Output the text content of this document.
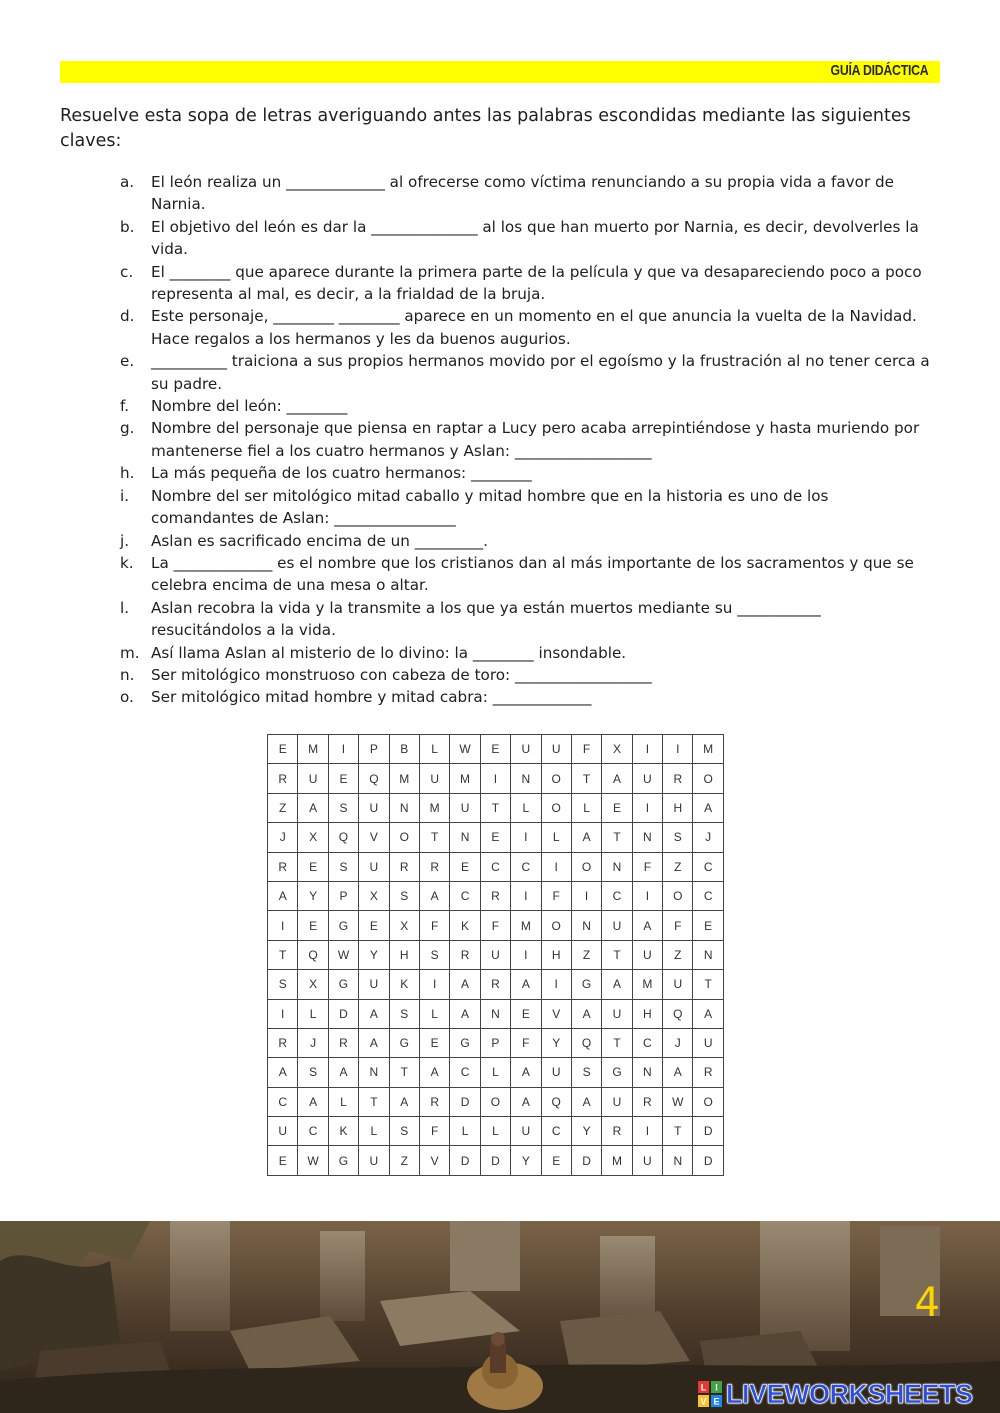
GUÍA DIDÁCTICA

Resuelve esta sopa de letras averiguando antes las palabras escondidas mediante las siguientes claves:

a. El león realiza un _____________ al ofrecerse como víctima renunciando a su propia vida a favor de Narnia.
b. El objetivo del león es dar la ______________ al los que han muerto por Narnia, es decir, devolverles la vida.
c. El ________ que aparece durante la primera parte de la película y que va desapareciendo poco a poco representa al mal, es decir, a la frialdad de la bruja.
d. Este personaje, ________ ________ aparece en un momento en el que anuncia la vuelta de la Navidad. Hace regalos a los hermanos y les da buenos augurios.
e. __________ traiciona a sus propios hermanos movido por el egoísmo y la frustración al no tener cerca a su padre.
f. Nombre del león: ________
g. Nombre del personaje que piensa en raptar a Lucy pero acaba arrepintiéndose y hasta muriendo por mantenerse fiel a los cuatro hermanos y Aslan: __________________
h. La más pequeña de los cuatro hermanos: ________
i. Nombre del ser mitológico mitad caballo y mitad hombre que en la historia es uno de los comandantes de Aslan: ________________
j. Aslan es sacrificado encima de un _________.
k. La _____________ es el nombre que los cristianos dan al más importante de los sacramentos y que se celebra encima de una mesa o altar.
l. Aslan recobra la vida y la transmite a los que ya están muertos mediante su ___________ resucitándolos a la vida.
m. Así llama Aslan al misterio de lo divino: la ________ insondable.
n. Ser mitológico monstruoso con cabeza de toro: __________________
o. Ser mitológico mitad hombre y mitad cabra: _____________
E	M	I	P	B	L	W	E	U	U	F	X	I	I	M
R	U	E	Q	M	U	M	I	N	O	T	A	U	R	O
Z	A	S	U	N	M	U	T	L	O	L	E	I	H	A
J	X	Q	V	O	T	N	E	I	L	A	T	N	S	J
R	E	S	U	R	R	E	C	C	I	O	N	F	Z	C
A	Y	P	X	S	A	C	R	I	F	I	C	I	O	C
I	E	G	E	X	F	K	F	M	O	N	U	A	F	E
T	Q	W	Y	H	S	R	U	I	H	Z	T	U	Z	N
S	X	G	U	K	I	A	R	A	I	G	A	M	U	T
I	L	D	A	S	L	A	N	E	V	A	U	H	Q	A
R	J	R	A	G	E	G	P	F	Y	Q	T	C	J	U
A	S	A	N	T	A	C	L	A	U	S	G	N	A	R
C	A	L	T	A	R	D	O	A	Q	A	U	R	W	O
U	C	K	L	S	F	L	L	U	C	Y	R	I	T	D
E	W	G	U	Z	V	D	D	Y	E	D	M	U	N	D
4
L I
V E LIVEWORKSHEETS
